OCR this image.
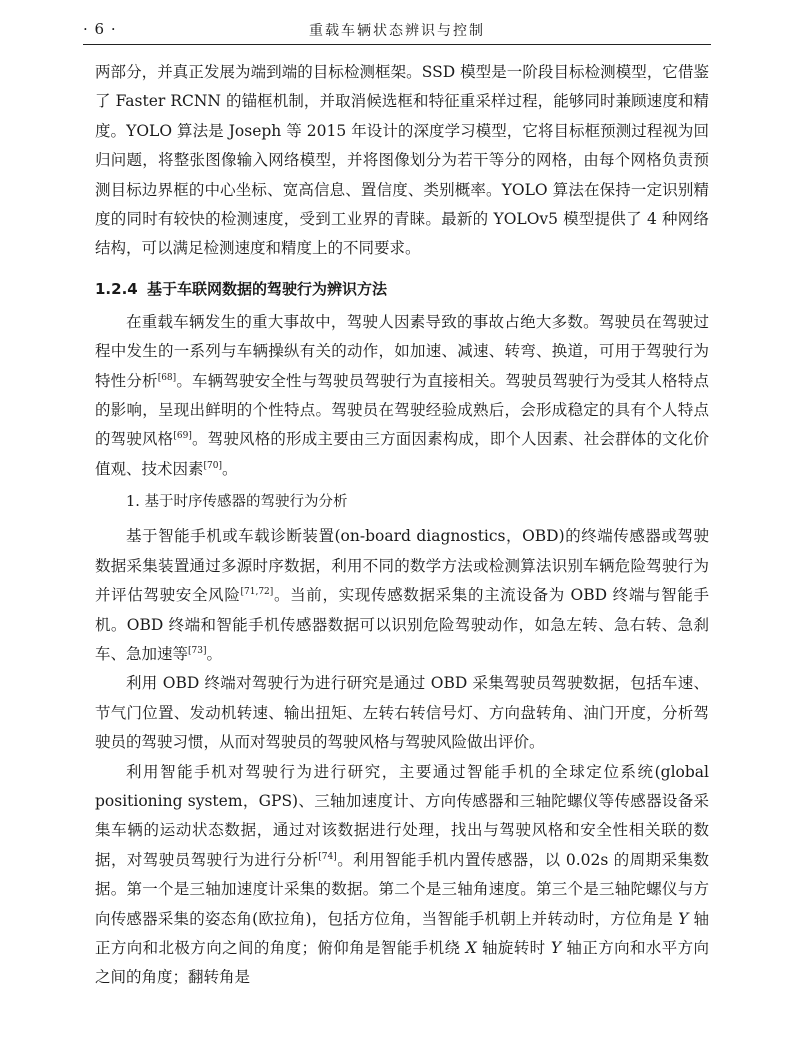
· 6 ·	重载车辆状态辨识与控制

两部分，并真正发展为端到端的目标检测框架。SSD 模型是一阶段目标检测模型，它借鉴了 Faster RCNN 的锚框机制，并取消候选框和特征重采样过程，能够同时兼顾速度和精度。YOLO 算法是 Joseph 等 2015 年设计的深度学习模型，它将目标框预测过程视为回归问题，将整张图像输入网络模型，并将图像划分为若干等分的网格，由每个网格负责预测目标边界框的中心坐标、宽高信息、置信度、类别概率。YOLO 算法在保持一定识别精度的同时有较快的检测速度，受到工业界的青睐。最新的 YOLOv5 模型提供了 4 种网络结构，可以满足检测速度和精度上的不同要求。

1.2.4 基于车联网数据的驾驶行为辨识方法

在重载车辆发生的重大事故中，驾驶人因素导致的事故占绝大多数。驾驶员在驾驶过程中发生的一系列与车辆操纵有关的动作，如加速、减速、转弯、换道，可用于驾驶行为特性分析[68]。车辆驾驶安全性与驾驶员驾驶行为直接相关。驾驶员驾驶行为受其人格特点的影响，呈现出鲜明的个性特点。驾驶员在驾驶经验成熟后，会形成稳定的具有个人特点的驾驶风格[69]。驾驶风格的形成主要由三方面因素构成，即个人因素、社会群体的文化价值观、技术因素[70]。

1. 基于时序传感器的驾驶行为分析

基于智能手机或车载诊断装置(on-board diagnostics，OBD)的终端传感器或驾驶数据采集装置通过多源时序数据，利用不同的数学方法或检测算法识别车辆危险驾驶行为并评估驾驶安全风险[71,72]。当前，实现传感数据采集的主流设备为 OBD 终端与智能手机。OBD 终端和智能手机传感器数据可以识别危险驾驶动作，如急左转、急右转、急刹车、急加速等[73]。

利用 OBD 终端对驾驶行为进行研究是通过 OBD 采集驾驶员驾驶数据，包括车速、节气门位置、发动机转速、输出扭矩、左转右转信号灯、方向盘转角、油门开度，分析驾驶员的驾驶习惯，从而对驾驶员的驾驶风格与驾驶风险做出评价。

利用智能手机对驾驶行为进行研究，主要通过智能手机的全球定位系统(global positioning system，GPS)、三轴加速度计、方向传感器和三轴陀螺仪等传感器设备采集车辆的运动状态数据，通过对该数据进行处理，找出与驾驶风格和安全性相关联的数据，对驾驶员驾驶行为进行分析[74]。利用智能手机内置传感器，以 0.02s 的周期采集数据。第一个是三轴加速度计采集的数据。第二个是三轴角速度。第三个是三轴陀螺仪与方向传感器采集的姿态角(欧拉角)，包括方位角，当智能手机朝上并转动时，方位角是 Y 轴正方向和北极方向之间的角度；俯仰角是智能手机绕 X 轴旋转时 Y 轴正方向和水平方向之间的角度；翻转角是
